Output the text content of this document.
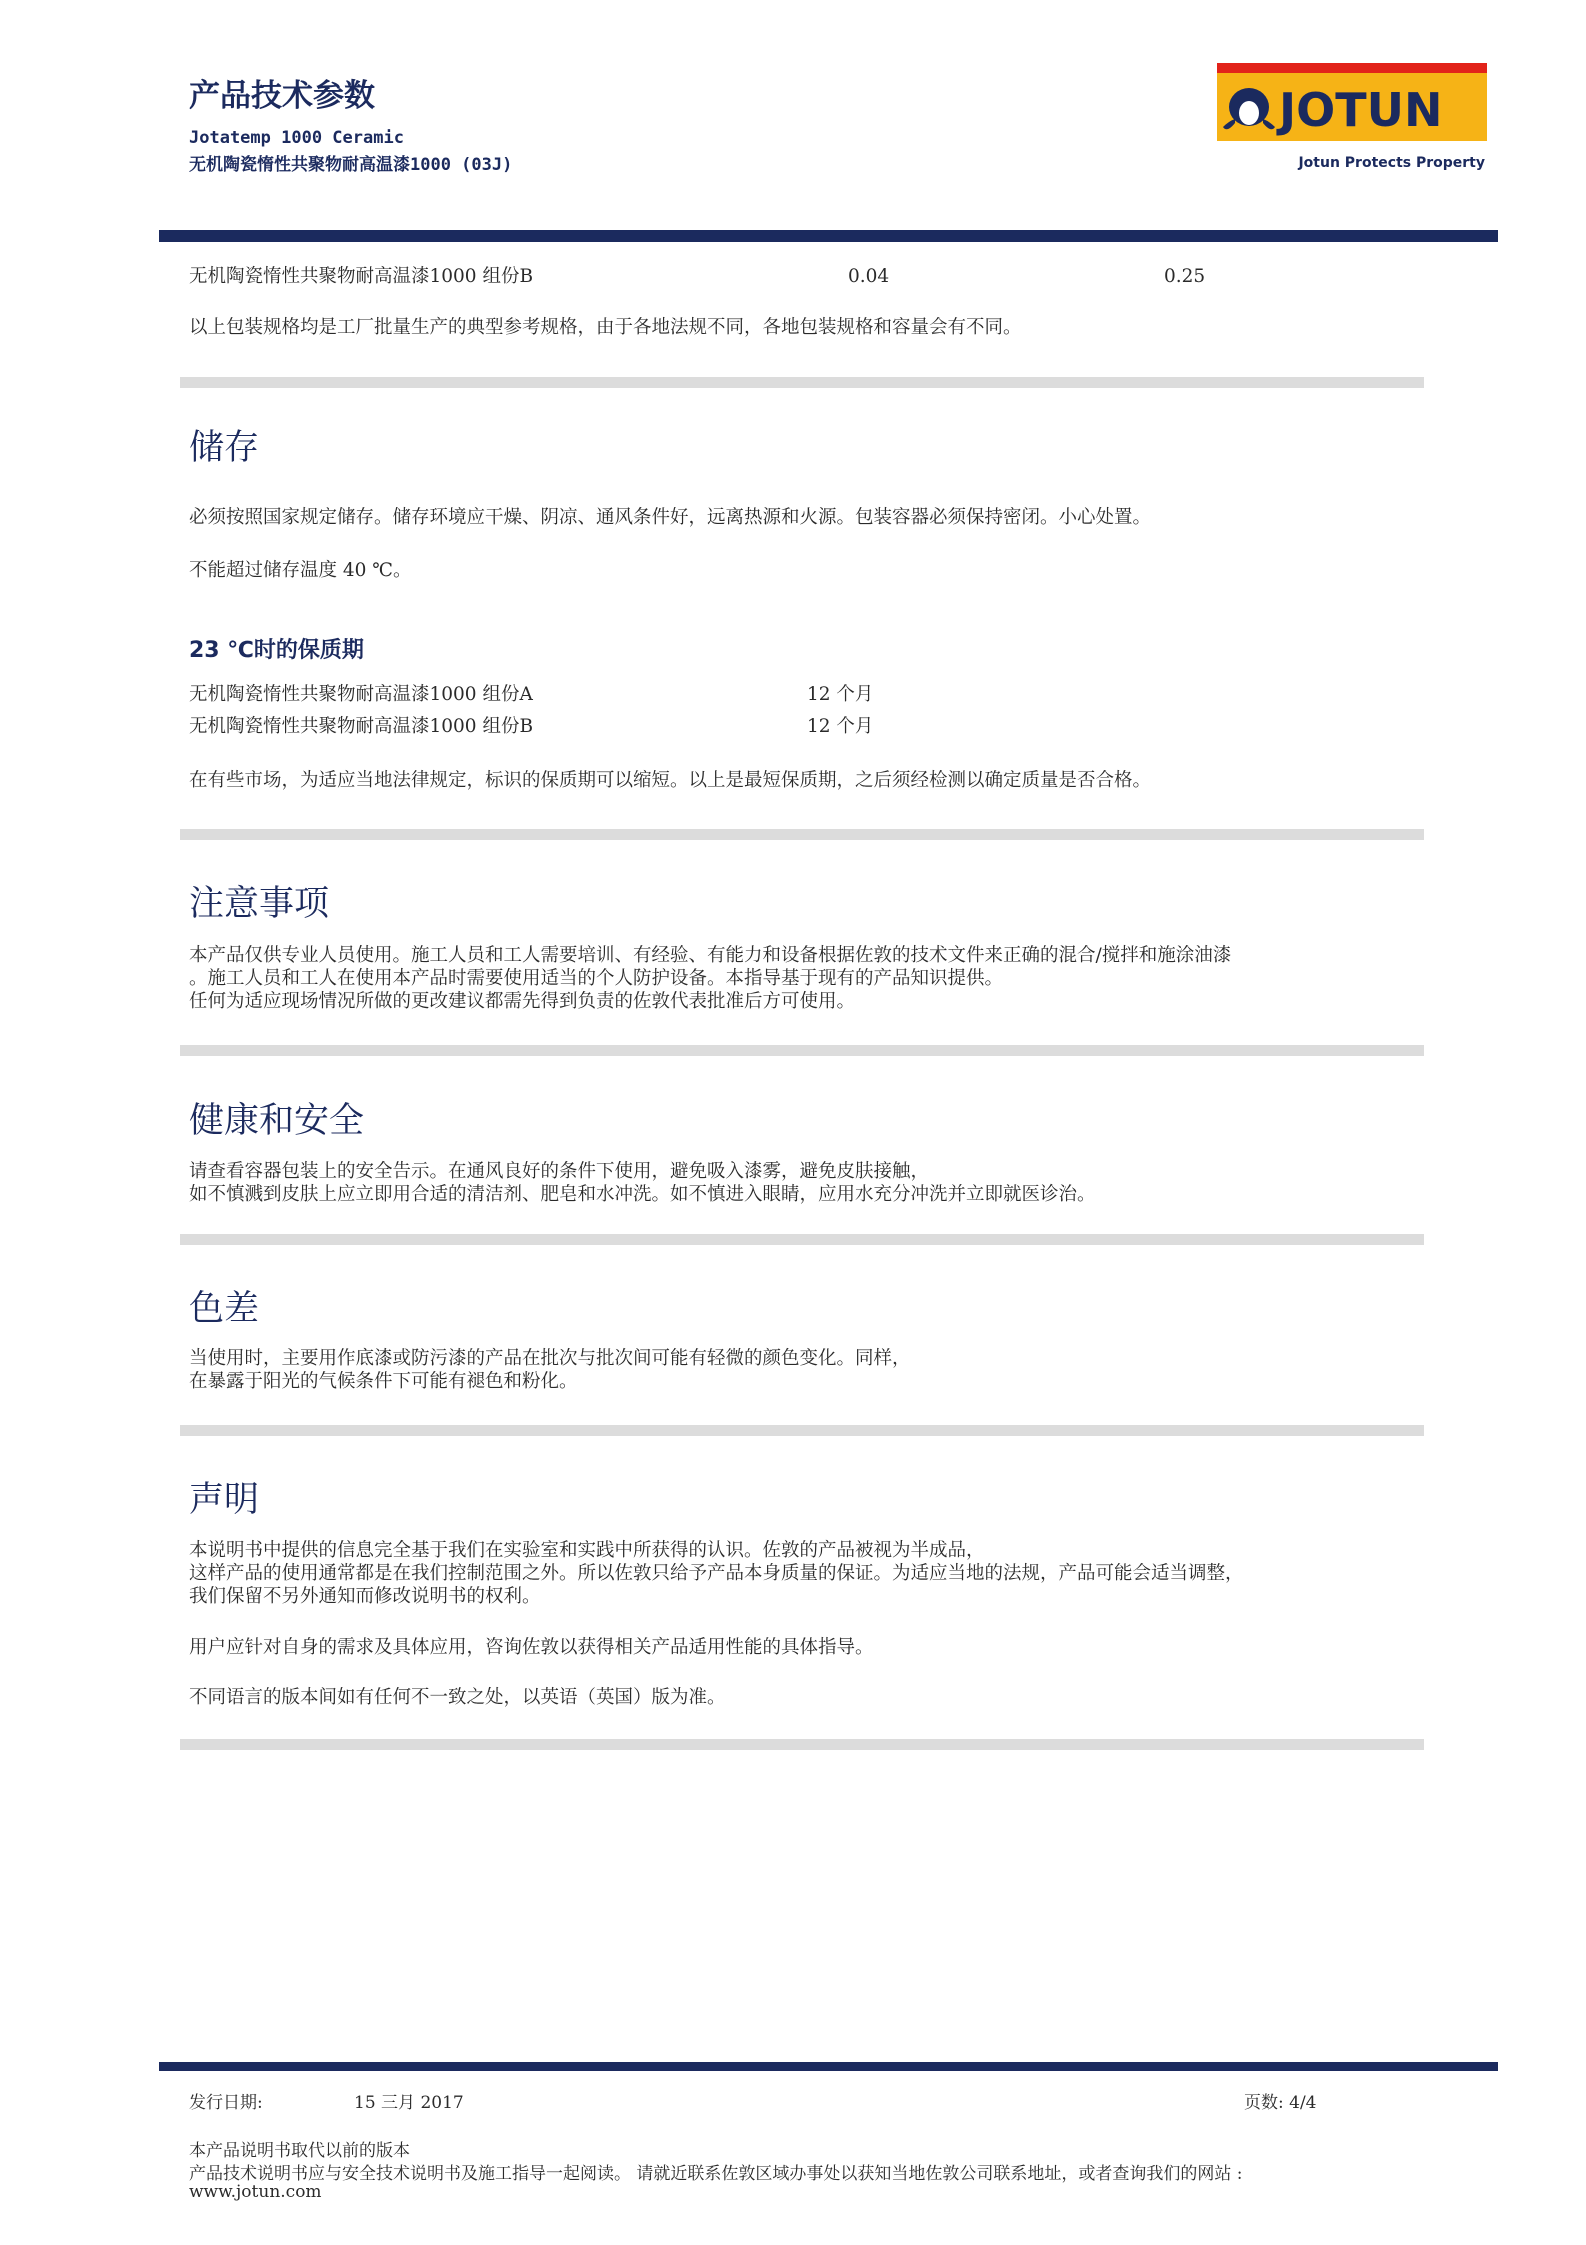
产品技术参数
Jotatemp 1000 Ceramic
无机陶瓷惰性共聚物耐高温漆1000 (03J)
JOTUN
Jotun Protects Property
无机陶瓷惰性共聚物耐高温漆1000 组份B	0.04	0.25
以上包装规格均是工厂批量生产的典型参考规格，由于各地法规不同，各地包装规格和容量会有不同。
储存
必须按照国家规定储存。储存环境应干燥、阴凉、通风条件好，远离热源和火源。包装容器必须保持密闭。小心处置。
不能超过储存温度 40 ℃。
23 ℃时的保质期
无机陶瓷惰性共聚物耐高温漆1000 组份A	12 个月
无机陶瓷惰性共聚物耐高温漆1000 组份B	12 个月
在有些市场，为适应当地法律规定，标识的保质期可以缩短。以上是最短保质期，之后须经检测以确定质量是否合格。
注意事项
本产品仅供专业人员使用。施工人员和工人需要培训、有经验、有能力和设备根据佐敦的技术文件来正确的混合/搅拌和施涂油漆
。施工人员和工人在使用本产品时需要使用适当的个人防护设备。本指导基于现有的产品知识提供。
任何为适应现场情况所做的更改建议都需先得到负责的佐敦代表批准后方可使用。
健康和安全
请查看容器包装上的安全告示。在通风良好的条件下使用，避免吸入漆雾，避免皮肤接触，
如不慎溅到皮肤上应立即用合适的清洁剂、肥皂和水冲洗。如不慎进入眼睛，应用水充分冲洗并立即就医诊治。
色差
当使用时，主要用作底漆或防污漆的产品在批次与批次间可能有轻微的颜色变化。同样，
在暴露于阳光的气候条件下可能有褪色和粉化。
声明
本说明书中提供的信息完全基于我们在实验室和实践中所获得的认识。佐敦的产品被视为半成品，
这样产品的使用通常都是在我们控制范围之外。所以佐敦只给予产品本身质量的保证。为适应当地的法规，产品可能会适当调整，
我们保留不另外通知而修改说明书的权利。
用户应针对自身的需求及具体应用，咨询佐敦以获得相关产品适用性能的具体指导。
不同语言的版本间如有任何不一致之处，以英语（英国）版为准。
发行日期:	15 三月 2017	页数: 4/4
本产品说明书取代以前的版本
产品技术说明书应与安全技术说明书及施工指导一起阅读。 请就近联系佐敦区域办事处以获知当地佐敦公司联系地址，或者查询我们的网站 :
www.jotun.com
